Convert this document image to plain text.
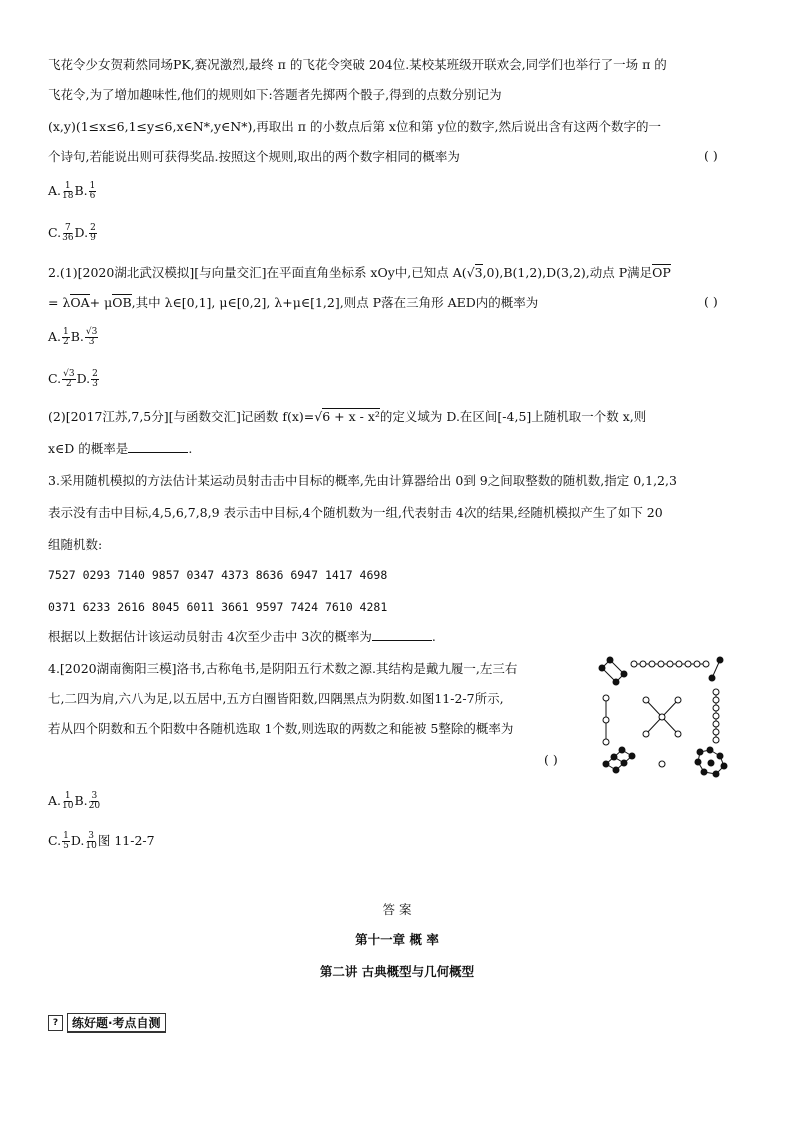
飞花令少女贺莉然同场PK,赛况激烈,最终 π 的飞花令突破 204位.某校某班级开联欢会,同学们也举行了一场 π 的
飞花令,为了增加趣味性,他们的规则如下:答题者先掷两个骰子,得到的点数分别记为
(x,y)(1≤x≤6,1≤y≤6,x∈N*,y∈N*),再取出 π 的小数点后第 x位和第 y位的数字,然后说出含有这两个数字的一
个诗句,若能说出则可获得奖品.按照这个规则,取出的两个数字相同的概率为	( )
A. $\frac{1}{18} B$. $\frac{1}{6}$
C. $\frac{7}{36} D$. $\frac{2}{9}$
2.(1)[2020湖北武汉模拟][与向量交汇]在平面直角坐标系 xOy中,已知点 A(√3,0),B(1,2),D(3,2),动点 P满足OP
= λOA+ μOB,其中 λ∈[0,1], μ∈[0,2], λ+μ∈[1,2],则点 P落在三角形 AED内的概率为	( )
A. $\frac{1}{2} B$. $\frac{√3}{3}$
C. $\frac{√3}{2} D$. $\frac{2}{3}$
(2)[2017江苏,7,5分][与函数交汇]记函数 f(x)=√6 + x - x²的定义域为 D.在区间[-4,5]上随机取一个数 x,则
x∈D 的概率是	.
3.采用随机模拟的方法估计某运动员射击击中目标的概率,先由计算器给出 0到 9之间取整数的随机数,指定 0,1,2,3
表示没有击中目标,4,5,6,7,8,9 表示击中目标,4个随机数为一组,代表射击 4次的结果,经随机模拟产生了如下 20
组随机数:
7527 0293 7140 9857 0347 4373 8636 6947 1417 4698
0371 6233 2616 8045 6011 3661 9597 7424 7610 4281
根据以上数据估计该运动员射击 4次至少击中 3次的概率为	.
4.[2020湖南衡阳三模]洛书,古称龟书,是阴阳五行术数之源.其结构是戴九履一,左三右
七,二四为肩,六八为足,以五居中,五方白圈皆阳数,四隅黑点为阴数.如图11-2-7所示,
若从四个阴数和五个阳数中各随机选取 1个数,则选取的两数之和能被 5整除的概率为
( )
A. $\frac{1}{10} B$. $\frac{3}{20}$
C. $\frac{1}{5} D$. $\frac{3}{10}$ 图 11-2-7
答 案
第十一章 概 率
第二讲 古典概型与几何概型
?	练好题·考点自测
